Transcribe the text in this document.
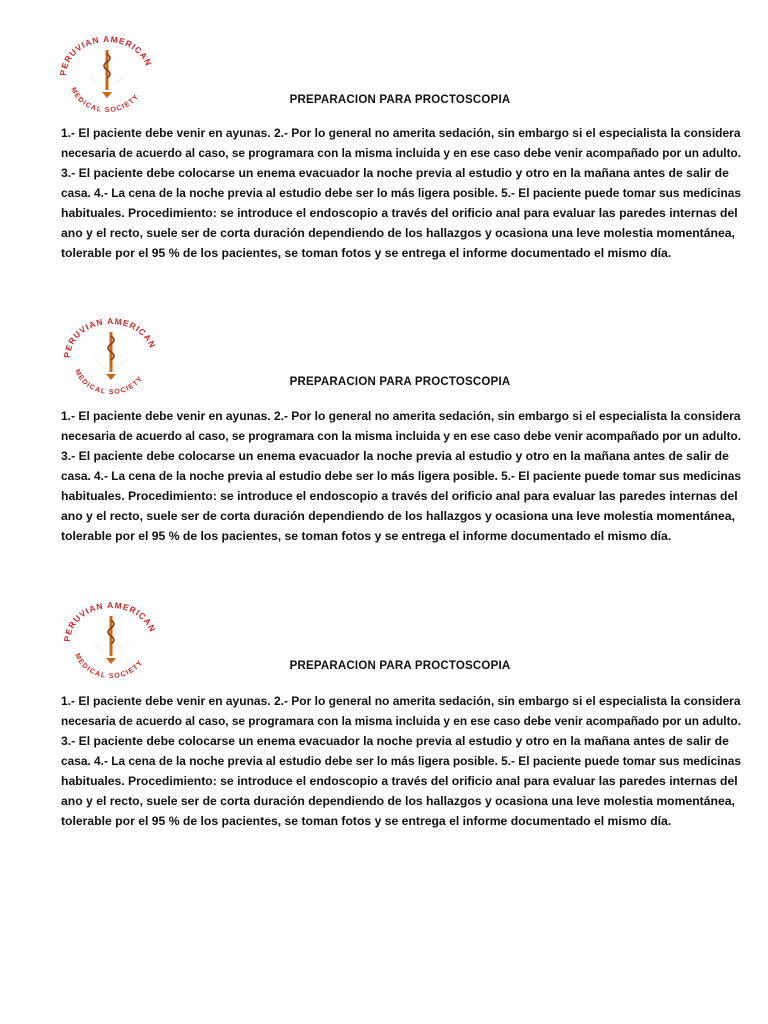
PERUVIAN AMERICAN
MEDICAL SOCIETY	PREPARACION PARA PROCTOSCOPIA
1.- El paciente debe venir en ayunas. 2.- Por lo general no amerita sedación, sin embargo si el especialista la considera
necesaria de acuerdo al caso, se programara con la misma incluida y en ese caso debe venir acompañado por un adulto.
3.- El paciente debe colocarse un enema evacuador la noche previa al estudio y otro en la mañana antes de salir de
casa. 4.- La cena de la noche previa al estudio debe ser lo más ligera posible. 5.- El paciente puede tomar sus medicinas
habituales. Procedimiento: se introduce el endoscopio a través del orificio anal para evaluar las paredes internas del
ano y el recto, suele ser de corta duración dependiendo de los hallazgos y ocasiona una leve molestia momentánea,
tolerable por el 95 % de los pacientes, se toman fotos y se entrega el informe documentado el mismo día.
PERUVIAN AMERICAN
MEDICAL SOCIETY	PREPARACION PARA PROCTOSCOPIA
1.- El paciente debe venir en ayunas. 2.- Por lo general no amerita sedación, sin embargo si el especialista la considera
necesaria de acuerdo al caso, se programara con la misma incluida y en ese caso debe venir acompañado por un adulto.
3.- El paciente debe colocarse un enema evacuador la noche previa al estudio y otro en la mañana antes de salir de
casa. 4.- La cena de la noche previa al estudio debe ser lo más ligera posible. 5.- El paciente puede tomar sus medicinas
habituales. Procedimiento: se introduce el endoscopio a través del orificio anal para evaluar las paredes internas del
ano y el recto, suele ser de corta duración dependiendo de los hallazgos y ocasiona una leve molestia momentánea,
tolerable por el 95 % de los pacientes, se toman fotos y se entrega el informe documentado el mismo día.
PERUVIAN AMERICAN
MEDICAL SOCIETY	PREPARACION PARA PROCTOSCOPIA
1.- El paciente debe venir en ayunas. 2.- Por lo general no amerita sedación, sin embargo si el especialista la considera
necesaria de acuerdo al caso, se programara con la misma incluida y en ese caso debe venir acompañado por un adulto.
3.- El paciente debe colocarse un enema evacuador la noche previa al estudio y otro en la mañana antes de salir de
casa. 4.- La cena de la noche previa al estudio debe ser lo más ligera posible. 5.- El paciente puede tomar sus medicinas
habituales. Procedimiento: se introduce el endoscopio a través del orificio anal para evaluar las paredes internas del
ano y el recto, suele ser de corta duración dependiendo de los hallazgos y ocasiona una leve molestia momentánea,
tolerable por el 95 % de los pacientes, se toman fotos y se entrega el informe documentado el mismo día.
